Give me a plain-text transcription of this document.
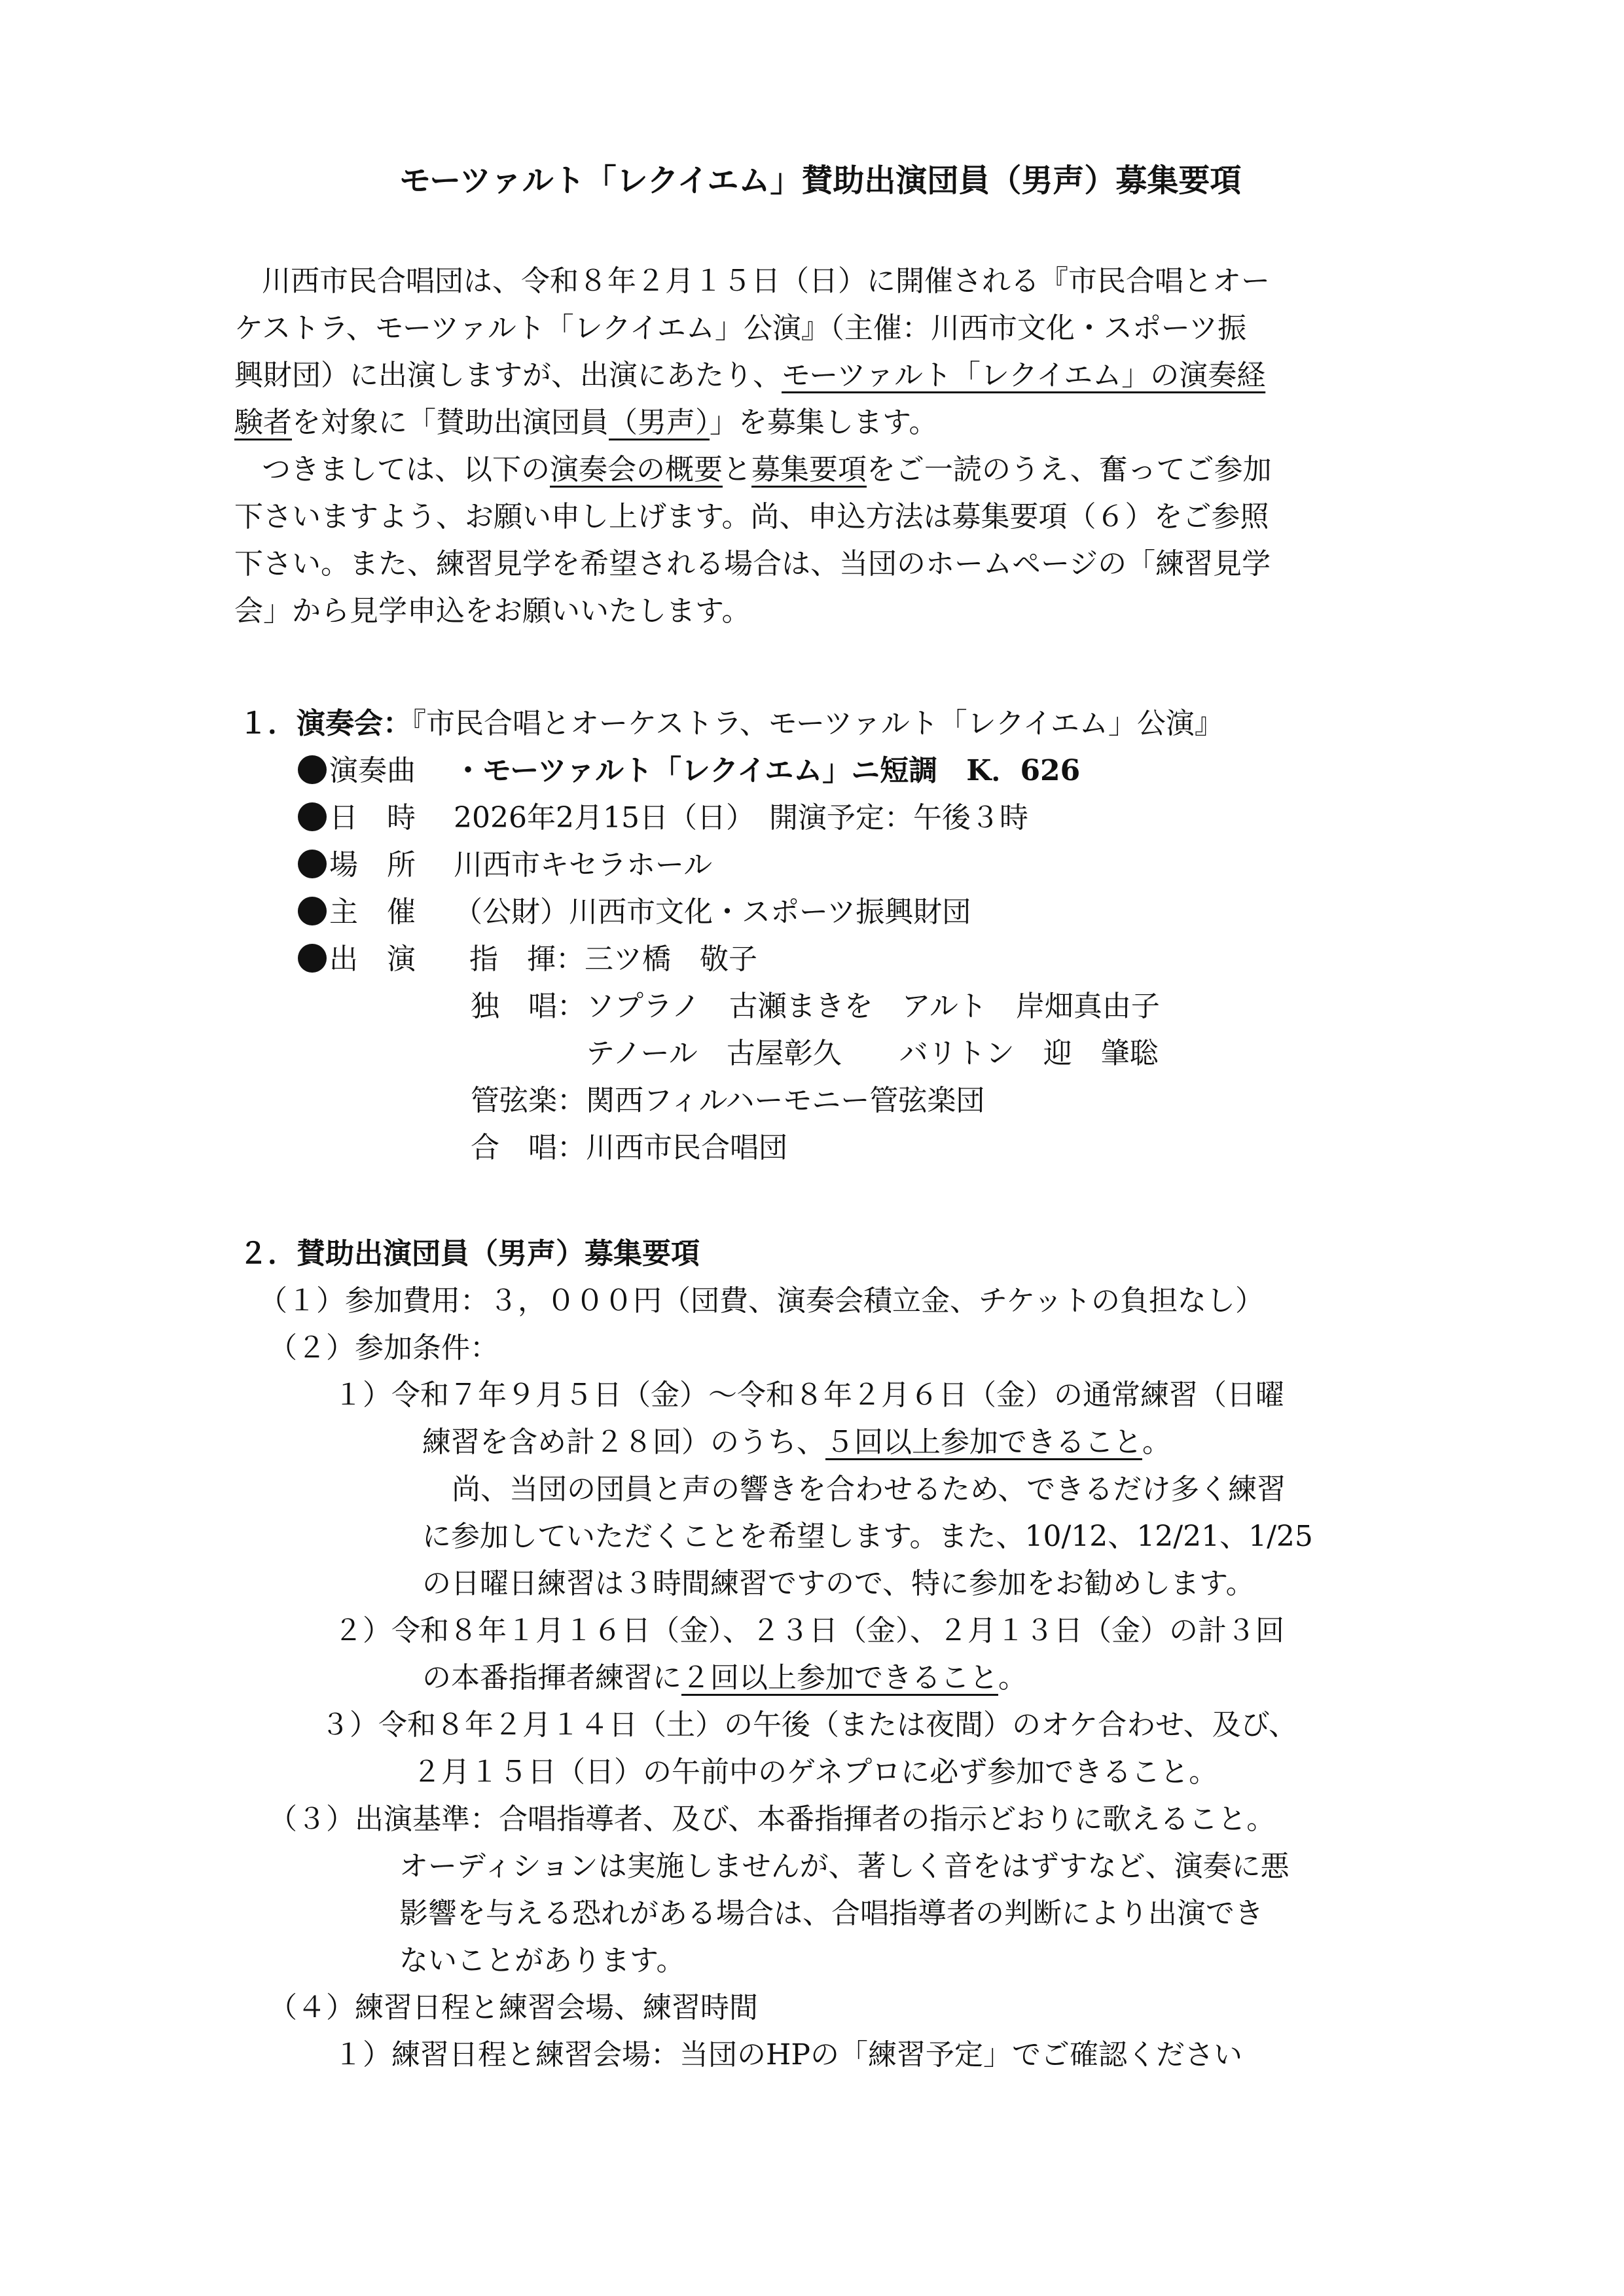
モーツァルト「レクイエム」賛助出演団員（男声）募集要項
川西市民合唱団は、令和８年２月１５日（日）に開催される『市民合唱とオー
ケストラ、モーツァルト「レクイエム」公演』（主催：川西市文化・スポーツ振
興財団）に出演しますが、出演にあたり、モーツァルト「レクイエム」の演奏経
験者を対象に「賛助出演団員（男声）」を募集します。
つきましては、以下の演奏会の概要と募集要項をご一読のうえ、奮ってご参加
下さいますよう、お願い申し上げます。尚、申込方法は募集要項（６）をご参照
下さい。また、練習見学を希望される場合は、当団のホームページの「練習見学
会」から見学申込をお願いいたします。
１．演奏会：『市民合唱とオーケストラ、モーツァルト「レクイエム」公演』
演奏曲 ・モーツァルト「レクイエム」ニ短調　K．626
日　時 2026年2月15日（日）　開演予定：午後３時
場　所 川西市キセラホール
主　催 （公財）川西市文化・スポーツ振興財団
出　演 指　揮：三ツ橋　敬子
独　唱：ソプラノ　古瀬まきを　アルト　岸畑真由子
テノール　古屋彰久　　バリトン　迎　肇聡
管弦楽：関西フィルハーモニー管弦楽団
合　唱：川西市民合唱団
２．賛助出演団員（男声）募集要項
（１）参加費用：３，０００円（団費、演奏会積立金、チケットの負担なし）
（２）参加条件：
１）令和７年９月５日（金）～令和８年２月６日（金）の通常練習（日曜
練習を含め計２８回）のうち、５回以上参加できること。
尚、当団の団員と声の響きを合わせるため、できるだけ多く練習
に参加していただくことを希望します。また、10/12、12/21、1/25
の日曜日練習は３時間練習ですので、特に参加をお勧めします。
２）令和８年１月１６日（金）、２３日（金）、２月１３日（金）の計３回
の本番指揮者練習に２回以上参加できること。
３）令和８年２月１４日（土）の午後（または夜間）のオケ合わせ、及び、
２月１５日（日）の午前中のゲネプロに必ず参加できること。
（３）出演基準：合唱指導者、及び、本番指揮者の指示どおりに歌えること。
オーディションは実施しませんが、著しく音をはずすなど、演奏に悪
影響を与える恐れがある場合は、合唱指導者の判断により出演でき
ないことがあります。
（４）練習日程と練習会場、練習時間
１）練習日程と練習会場：当団のHPの「練習予定」でご確認ください
